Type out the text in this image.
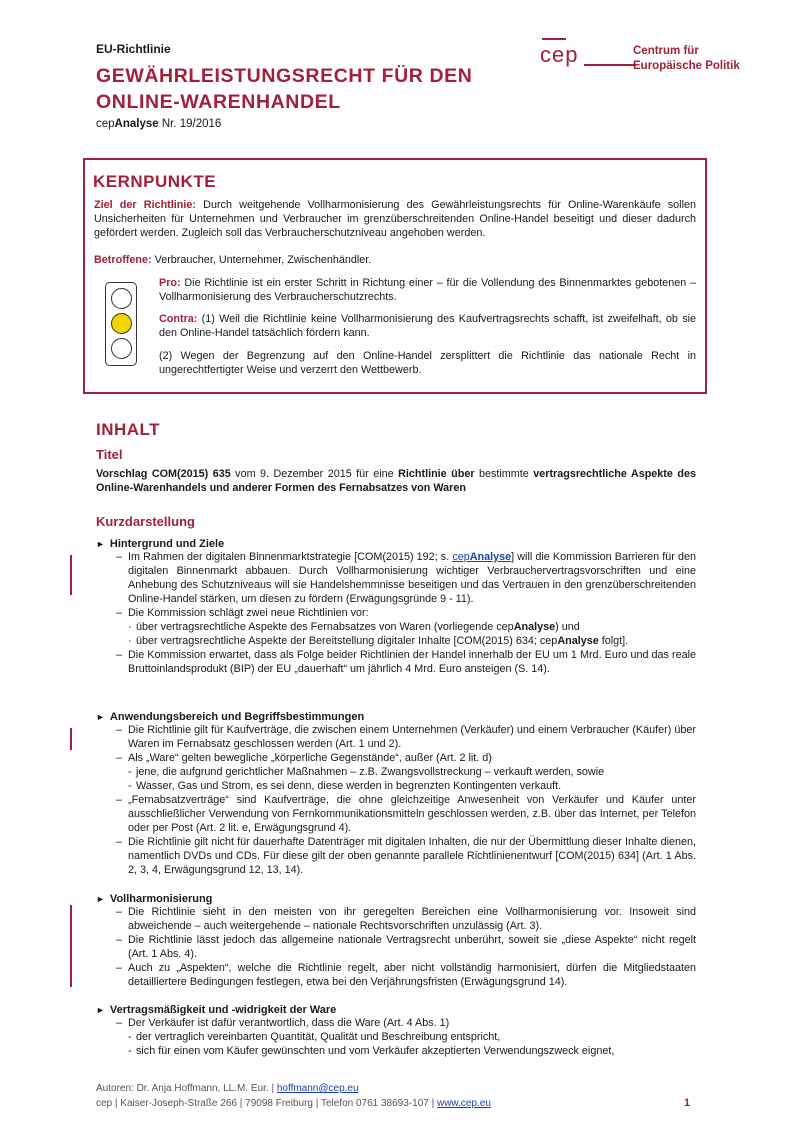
EU-Richtlinie
GEWÄHRLEISTUNGSRECHT FÜR DEN
ONLINE-WARENHANDEL
cepAnalyse Nr. 19/2016
cep	Centrum für
Europäische Politik
KERNPUNKTE
Ziel der Richtlinie: Durch weitgehende Vollharmonisierung des Gewährleistungsrechts für Online-Warenkäufe sollen Unsicherheiten für Unternehmen und Verbraucher im grenzüberschreitenden Online-Handel beseitigt und dieser dadurch gefördert werden. Zugleich soll das Verbraucherschutzniveau angehoben werden.
Betroffene: Verbraucher, Unternehmer, Zwischenhändler.
Pro: Die Richtlinie ist ein erster Schritt in Richtung einer – für die Vollendung des Binnenmarktes gebotenen – Vollharmonisierung des Verbraucherschutzrechts.
Contra: (1) Weil die Richtlinie keine Vollharmonisierung des Kaufvertragsrechts schafft, ist zweifelhaft, ob sie den Online-Handel tatsächlich fördern kann.
(2) Wegen der Begrenzung auf den Online-Handel zersplittert die Richtlinie das nationale Recht in ungerechtfertigter Weise und verzerrt den Wettbewerb.
INHALT
Titel
Vorschlag COM(2015) 635 vom 9. Dezember 2015 für eine Richtlinie über bestimmte vertragsrechtliche Aspekte des Online-Warenhandels und anderer Formen des Fernabsatzes von Waren
Kurzdarstellung
►  Hintergrund und Ziele
– Im Rahmen der digitalen Binnenmarktstrategie [COM(2015) 192; s. cepAnalyse] will die Kommission Barrieren für den digitalen Binnenmarkt abbauen. Durch Vollharmonisierung wichtiger Verbrauchervertragsvorschriften und eine Anhebung des Schutzniveaus will sie Handelshemmnisse beseitigen und das Vertrauen in den grenzüberschreitenden Online-Handel stärken, um diesen zu fördern (Erwägungsgründe 9 - 11).
– Die Kommission schlägt zwei neue Richtlinien vor:
· über vertragsrechtliche Aspekte des Fernabsatzes von Waren (vorliegende cepAnalyse) und
· über vertragsrechtliche Aspekte der Bereitstellung digitaler Inhalte [COM(2015) 634; cepAnalyse folgt].
– Die Kommission erwartet, dass als Folge beider Richtlinien der Handel innerhalb der EU um 1 Mrd. Euro und das reale Bruttoinlandsprodukt (BIP) der EU „dauerhaft“ um jährlich 4 Mrd. Euro ansteigen (S. 14).
►  Anwendungsbereich und Begriffsbestimmungen
– Die Richtlinie gilt für Kaufverträge, die zwischen einem Unternehmen (Verkäufer) und einem Verbraucher (Käufer) über Waren im Fernabsatz geschlossen werden (Art. 1 und 2).
– Als „Ware“ gelten bewegliche „körperliche Gegenstände“, außer (Art. 2 lit. d)
- jene, die aufgrund gerichtlicher Maßnahmen – z.B. Zwangsvollstreckung – verkauft werden, sowie
- Wasser, Gas und Strom, es sei denn, diese werden in begrenzten Kontingenten verkauft.
– „Fernabsatzverträge“ sind Kaufverträge, die ohne gleichzeitige Anwesenheit von Verkäufer und Käufer unter ausschließlicher Verwendung von Fernkommunikationsmitteln geschlossen werden, z.B. über das Internet, per Telefon oder per Post (Art. 2 lit. e, Erwägungsgrund 4).
– Die Richtlinie gilt nicht für dauerhafte Datenträger mit digitalen Inhalten, die nur der Übermittlung dieser Inhalte dienen, namentlich DVDs und CDs. Für diese gilt der oben genannte parallele Richtlinienentwurf [COM(2015) 634] (Art. 1 Abs. 2, 3, 4, Erwägungsgrund 12, 13, 14).
►  Vollharmonisierung
– Die Richtlinie sieht in den meisten von ihr geregelten Bereichen eine Vollharmonisierung vor. Insoweit sind abweichende – auch weitergehende – nationale Rechtsvorschriften unzulässig (Art. 3).
– Die Richtlinie lässt jedoch das allgemeine nationale Vertragsrecht unberührt, soweit sie „diese Aspekte“ nicht regelt (Art. 1 Abs. 4).
– Auch zu „Aspekten“, welche die Richtlinie regelt, aber nicht vollständig harmonisiert, dürfen die Mitgliedstaaten detailliertere Bedingungen festlegen, etwa bei den Verjährungsfristen (Erwägungsgrund 14).
►  Vertragsmäßigkeit und -widrigkeit der Ware
– Der Verkäufer ist dafür verantwortlich, dass die Ware (Art. 4 Abs. 1)
- der vertraglich vereinbarten Quantität, Qualität und Beschreibung entspricht,
- sich für einen vom Käufer gewünschten und vom Verkäufer akzeptierten Verwendungszweck eignet,
Autoren: Dr. Anja Hoffmann, LL.M. Eur. | hoffmann@cep.eu
cep | Kaiser-Joseph-Straße 266 | 79098 Freiburg | Telefon 0761 38693-107 | www.cep.eu	1
